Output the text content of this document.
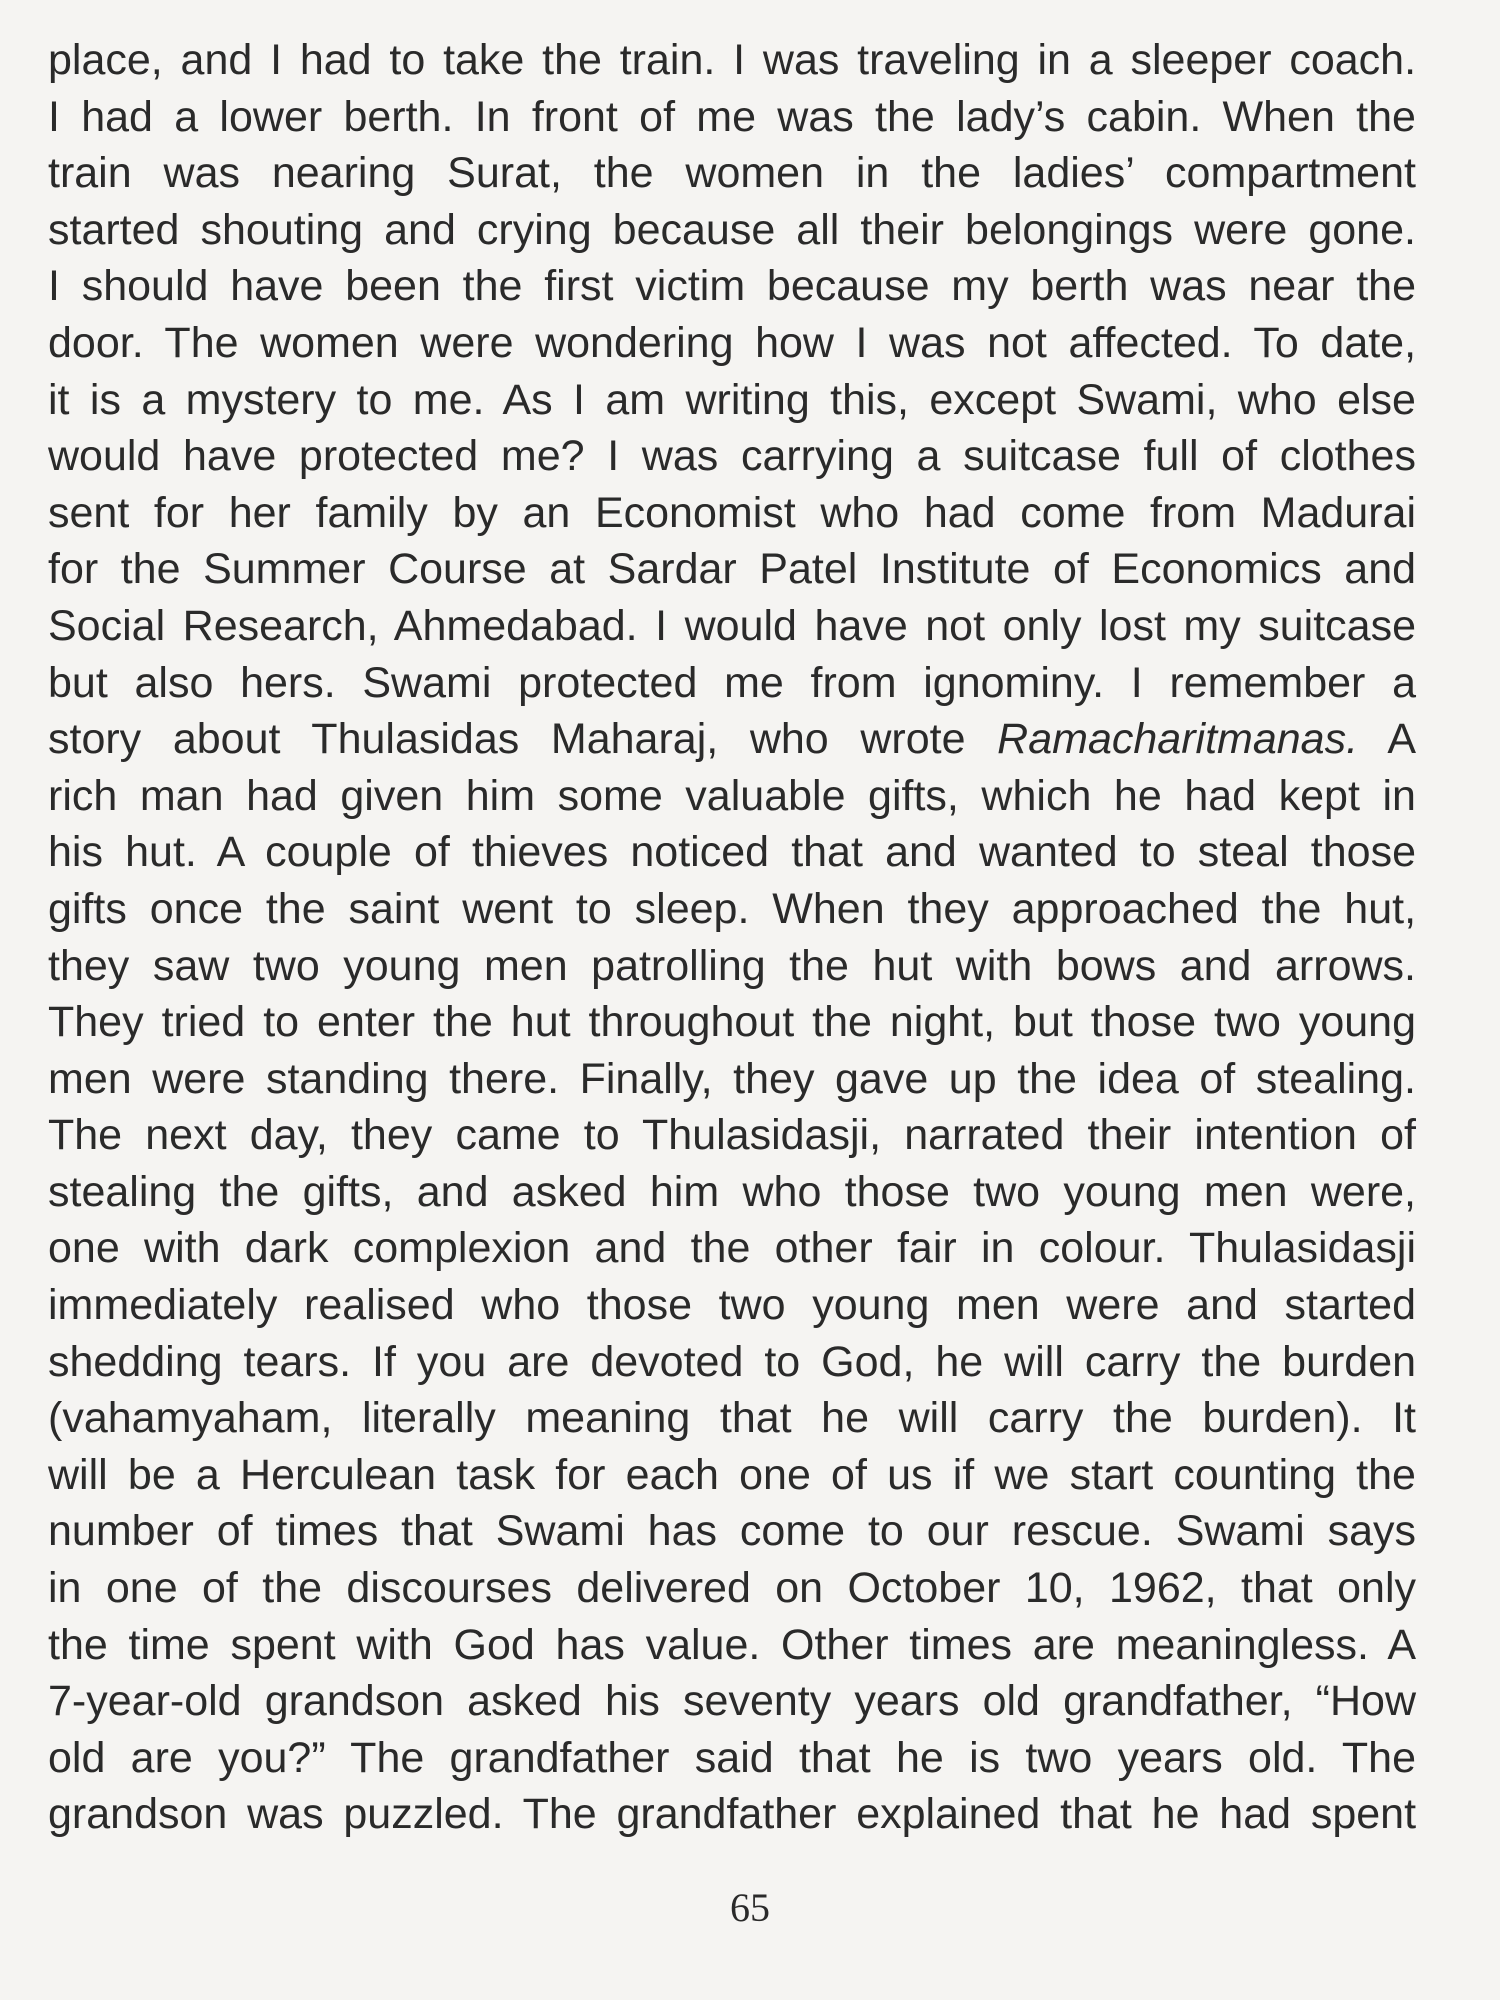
place, and I had to take the train. I was traveling in a sleeper coach.
I had a lower berth. In front of me was the lady’s cabin. When the
train was nearing Surat, the women in the ladies’ compartment
started shouting and crying because all their belongings were gone.
I should have been the first victim because my berth was near the
door. The women were wondering how I was not affected. To date,
it is a mystery to me. As I am writing this, except Swami, who else
would have protected me? I was carrying a suitcase full of clothes
sent for her family by an Economist who had come from Madurai
for the Summer Course at Sardar Patel Institute of Economics and
Social Research, Ahmedabad. I would have not only lost my suitcase
but also hers. Swami protected me from ignominy. I remember a
story about Thulasidas Maharaj, who wrote Ramacharitmanas. A
rich man had given him some valuable gifts, which he had kept in
his hut. A couple of thieves noticed that and wanted to steal those
gifts once the saint went to sleep. When they approached the hut,
they saw two young men patrolling the hut with bows and arrows.
They tried to enter the hut throughout the night, but those two young
men were standing there. Finally, they gave up the idea of stealing.
The next day, they came to Thulasidasji, narrated their intention of
stealing the gifts, and asked him who those two young men were,
one with dark complexion and the other fair in colour. Thulasidasji
immediately realised who those two young men were and started
shedding tears. If you are devoted to God, he will carry the burden
(vahamyaham, literally meaning that he will carry the burden). It
will be a Herculean task for each one of us if we start counting the
number of times that Swami has come to our rescue. Swami says
in one of the discourses delivered on October 10, 1962, that only
the time spent with God has value. Other times are meaningless. A
7-year-old grandson asked his seventy years old grandfather, “How
old are you?” The grandfather said that he is two years old. The
grandson was puzzled. The grandfather explained that he had spent
65
